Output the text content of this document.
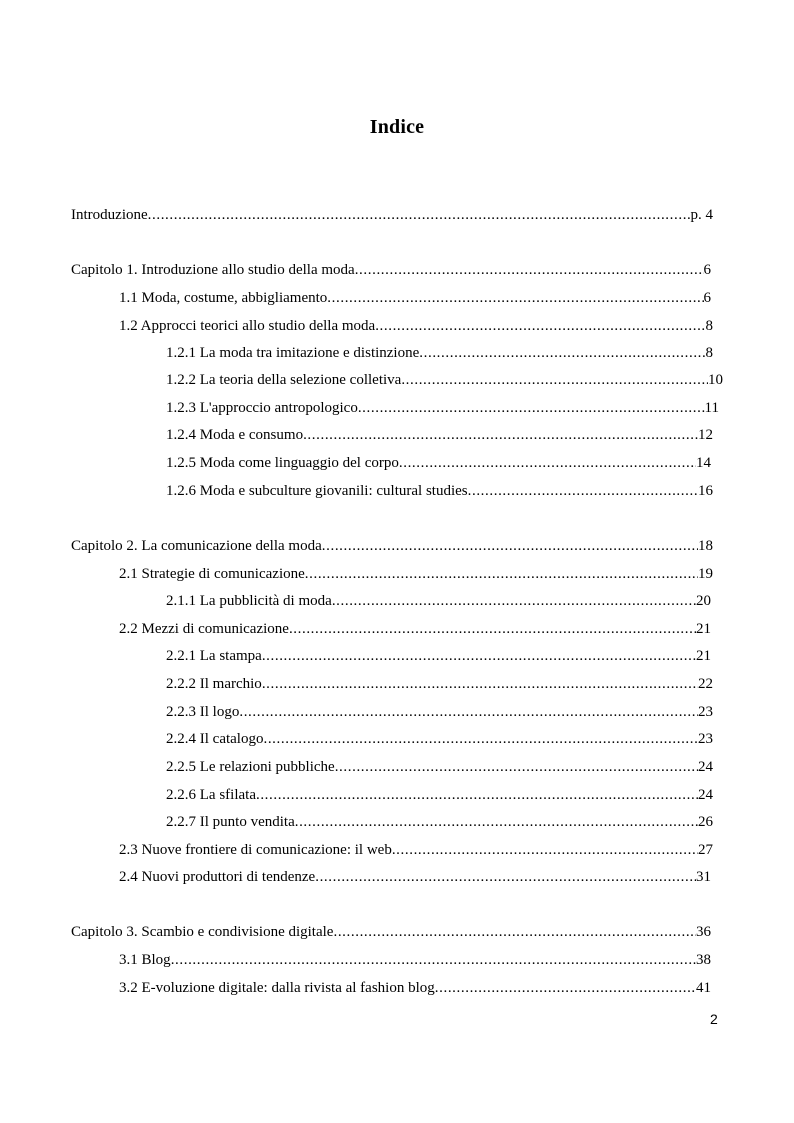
Indice
Introduzione .....	p. 4
Capitolo 1. Introduzione allo studio della moda .....	6
1.1 Moda, costume, abbigliamento .....	6
1.2 Approcci teorici allo studio della moda .....	8
1.2.1 La moda tra imitazione e distinzione .....	8
1.2.2 La teoria della selezione colletiva .....	10
1.2.3 L'approccio antropologico .....	11
1.2.4 Moda e consumo .....	12
1.2.5 Moda come linguaggio del corpo .....	14
1.2.6 Moda e subculture giovanili: cultural studies .....	16
Capitolo 2. La comunicazione della moda .....	18
2.1 Strategie di comunicazione .....	19
2.1.1 La pubblicità di moda .....	20
2.2 Mezzi di comunicazione .....	21
2.2.1 La stampa .....	21
2.2.2 Il marchio .....	22
2.2.3 Il logo .....	23
2.2.4 Il catalogo .....	23
2.2.5 Le relazioni pubbliche .....	24
2.2.6 La sfilata .....	24
2.2.7 Il punto vendita .....	26
2.3 Nuove frontiere di comunicazione: il web .....	27
2.4 Nuovi produttori di tendenze .....	31
Capitolo 3. Scambio e condivisione digitale .....	36
3.1 Blog .....	38
3.2 E-voluzione digitale: dalla rivista al fashion blog .....	41
2
